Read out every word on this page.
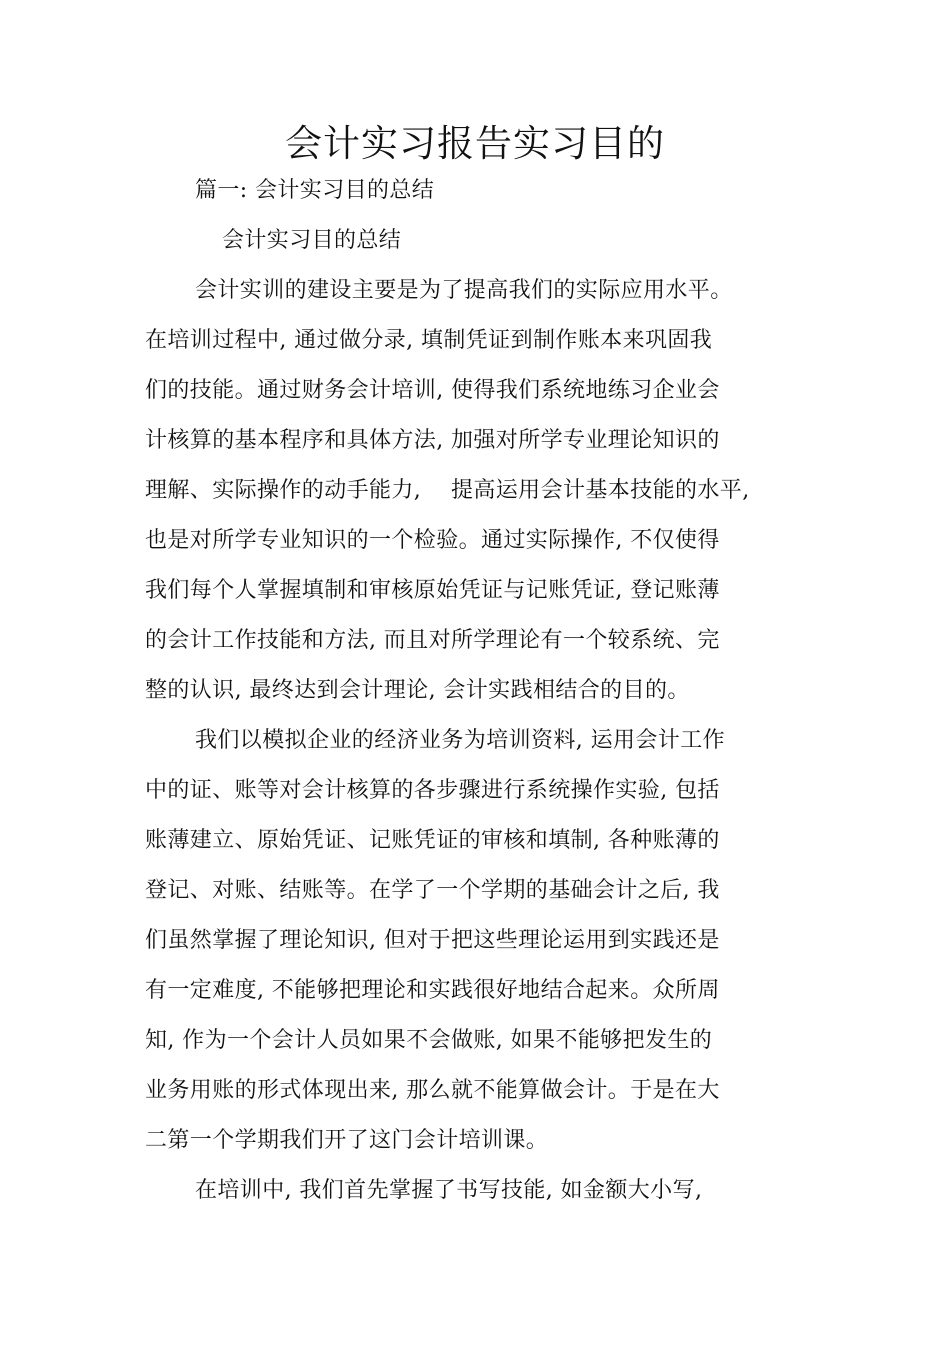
会计实习报告实习目的
篇一: 会计实习目的总结
会计实习目的总结
会计实训的建设主要是为了提高我们的实际应用水平。
在培训过程中, 通过做分录, 填制凭证到制作账本来巩固我
们的技能。通过财务会计培训, 使得我们系统地练习企业会
计核算的基本程序和具体方法, 加强对所学专业理论知识的
理解、实际操作的动手能力,　 提高运用会计基本技能的水平,
也是对所学专业知识的一个检验。通过实际操作, 不仅使得
我们每个人掌握填制和审核原始凭证与记账凭证, 登记账薄
的会计工作技能和方法, 而且对所学理论有一个较系统、完
整的认识, 最终达到会计理论, 会计实践相结合的目的。
我们以模拟企业的经济业务为培训资料, 运用会计工作
中的证、账等对会计核算的各步骤进行系统操作实验, 包括
账薄建立、原始凭证、记账凭证的审核和填制, 各种账薄的
登记、对账、结账等。在学了一个学期的基础会计之后, 我
们虽然掌握了理论知识, 但对于把这些理论运用到实践还是
有一定难度, 不能够把理论和实践很好地结合起来。众所周
知, 作为一个会计人员如果不会做账, 如果不能够把发生的
业务用账的形式体现出来, 那么就不能算做会计。于是在大
二第一个学期我们开了这门会计培训课。
在培训中, 我们首先掌握了书写技能, 如金额大小写,
